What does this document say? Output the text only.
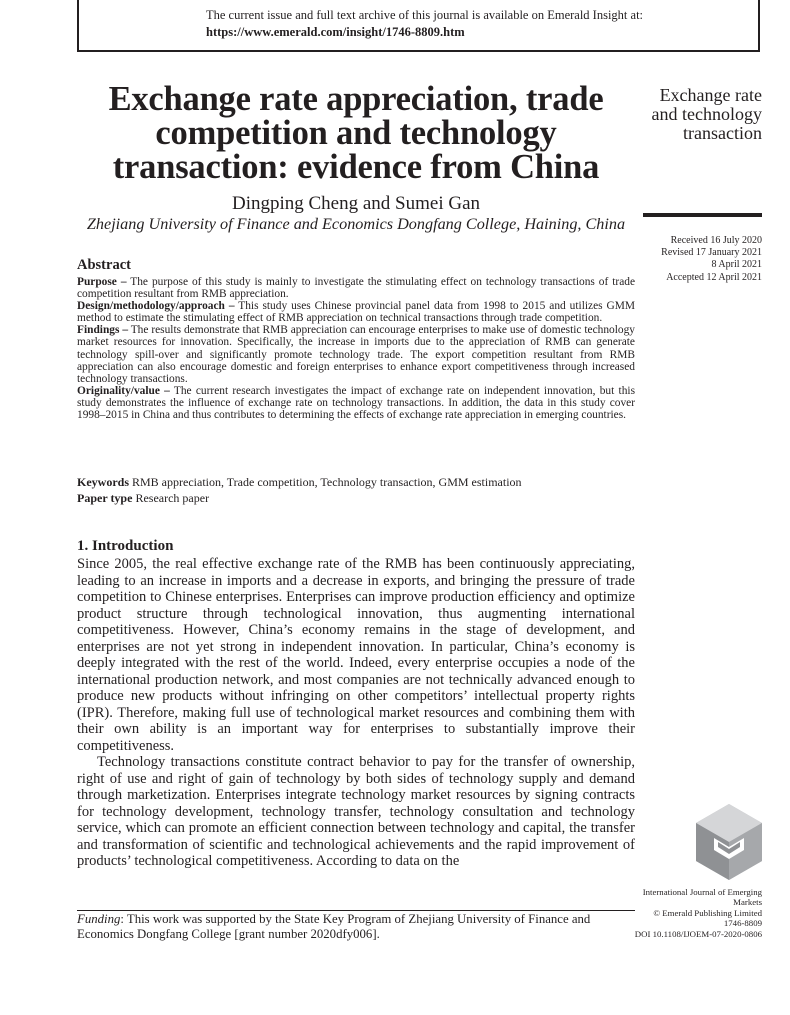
The current issue and full text archive of this journal is available on Emerald Insight at:
https://www.emerald.com/insight/1746-8809.htm
Exchange rate appreciation, trade competition and technology transaction: evidence from China
Dingping Cheng and Sumei Gan
Zhejiang University of Finance and Economics Dongfang College, Haining, China
Exchange rate
and technology
transaction
Received 16 July 2020
Revised 17 January 2021
8 April 2021
Accepted 12 April 2021
Abstract

Purpose – The purpose of this study is mainly to investigate the stimulating effect on technology transactions of trade competition resultant from RMB appreciation.

Design/methodology/approach – This study uses Chinese provincial panel data from 1998 to 2015 and utilizes GMM method to estimate the stimulating effect of RMB appreciation on technical transactions through trade competition.

Findings – The results demonstrate that RMB appreciation can encourage enterprises to make use of domestic technology market resources for innovation. Specifically, the increase in imports due to the appreciation of RMB can generate technology spill-over and significantly promote technology trade. The export competition resultant from RMB appreciation can also encourage domestic and foreign enterprises to enhance export competitiveness through increased technology transactions.

Originality/value – The current research investigates the impact of exchange rate on independent innovation, but this study demonstrates the influence of exchange rate on technology transactions. In addition, the data in this study cover 1998–2015 in China and thus contributes to determining the effects of exchange rate appreciation in emerging countries.

Keywords RMB appreciation, Trade competition, Technology transaction, GMM estimation
Paper type Research paper
1. Introduction

Since 2005, the real effective exchange rate of the RMB has been continuously appreciating, leading to an increase in imports and a decrease in exports, and bringing the pressure of trade competition to Chinese enterprises. Enterprises can improve production efficiency and optimize product structure through technological innovation, thus augmenting international competitiveness. However, China’s economy remains in the stage of development, and enterprises are not yet strong in independent innovation. In particular, China’s economy is deeply integrated with the rest of the world. Indeed, every enterprise occupies a node of the international production network, and most companies are not technically advanced enough to produce new products without infringing on other competitors’ intellectual property rights (IPR). Therefore, making full use of technological market resources and combining them with their own ability is an important way for enterprises to substantially improve their competitiveness.

Technology transactions constitute contract behavior to pay for the transfer of ownership, right of use and right of gain of technology by both sides of technology supply and demand through marketization. Enterprises integrate technology market resources by signing contracts for technology development, technology transfer, technology consultation and technology service, which can promote an efficient connection between technology and capital, the transfer and transformation of scientific and technological achievements and the rapid improvement of products’ technological competitiveness. According to data on the

International Journal of Emerging
Markets
© Emerald Publishing Limited
1746-8809
DOI 10.1108/IJOEM-07-2020-0806
Funding: This work was supported by the State Key Program of Zhejiang University of Finance and Economics Dongfang College [grant number 2020dfy006].
